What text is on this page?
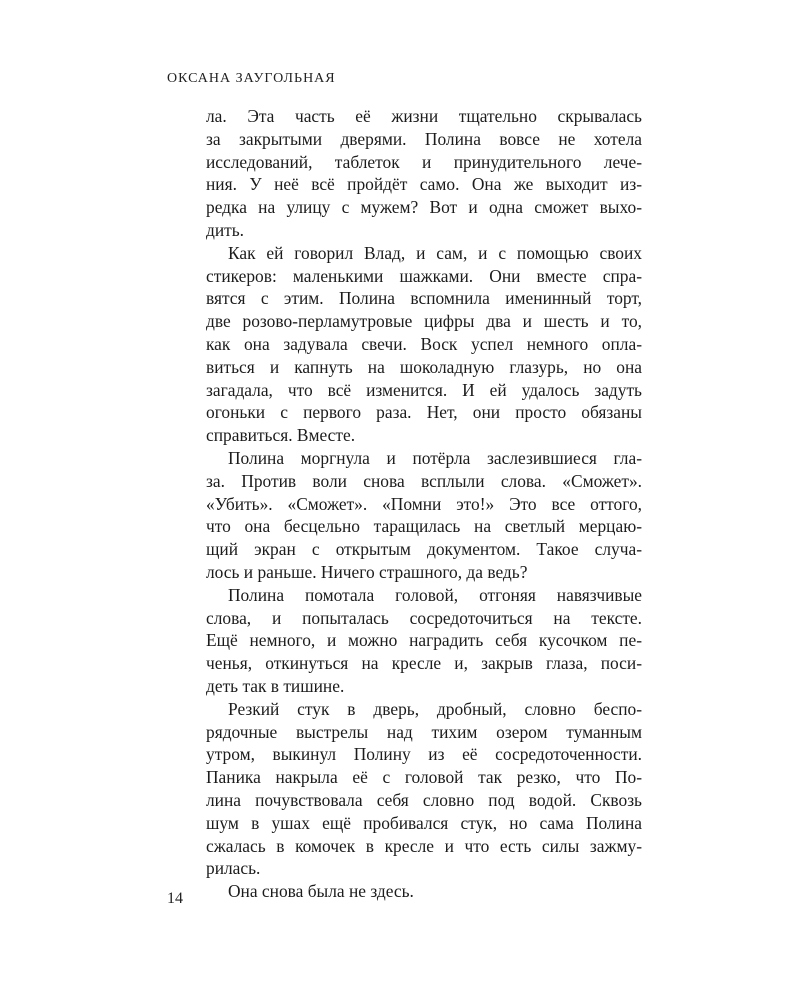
ОКСАНА ЗАУГОЛЬНАЯ
ла. Эта часть её жизни тщательно скрывалась
за закрытыми дверями. Полина вовсе не хотела
исследований, таблеток и принудительного лече-
ния. У неё всё пройдёт само. Она же выходит из-
редка на улицу с мужем? Вот и одна сможет выхо-
дить.
Как ей говорил Влад, и сам, и с помощью своих
стикеров: маленькими шажками. Они вместе спра-
вятся с этим. Полина вспомнила именинный торт,
две розово-перламутровые цифры два и шесть и то,
как она задувала свечи. Воск успел немного опла-
виться и капнуть на шоколадную глазурь, но она
загадала, что всё изменится. И ей удалось задуть
огоньки с первого раза. Нет, они просто обязаны
справиться. Вместе.
Полина моргнула и потёрла заслезившиеся гла-
за. Против воли снова всплыли слова. «Сможет».
«Убить». «Сможет». «Помни это!» Это все оттого,
что она бесцельно таращилась на светлый мерцаю-
щий экран с открытым документом. Такое случа-
лось и раньше. Ничего страшного, да ведь?
Полина помотала головой, отгоняя навязчивые
слова, и попыталась сосредоточиться на тексте.
Ещё немного, и можно наградить себя кусочком пе-
ченья, откинуться на кресле и, закрыв глаза, поси-
деть так в тишине.
Резкий стук в дверь, дробный, словно беспо-
рядочные выстрелы над тихим озером туманным
утром, выкинул Полину из её сосредоточенности.
Паника накрыла её с головой так резко, что По-
лина почувствовала себя словно под водой. Сквозь
шум в ушах ещё пробивался стук, но сама Полина
сжалась в комочек в кресле и что есть силы зажму-
рилась.
Она снова была не здесь.
14
